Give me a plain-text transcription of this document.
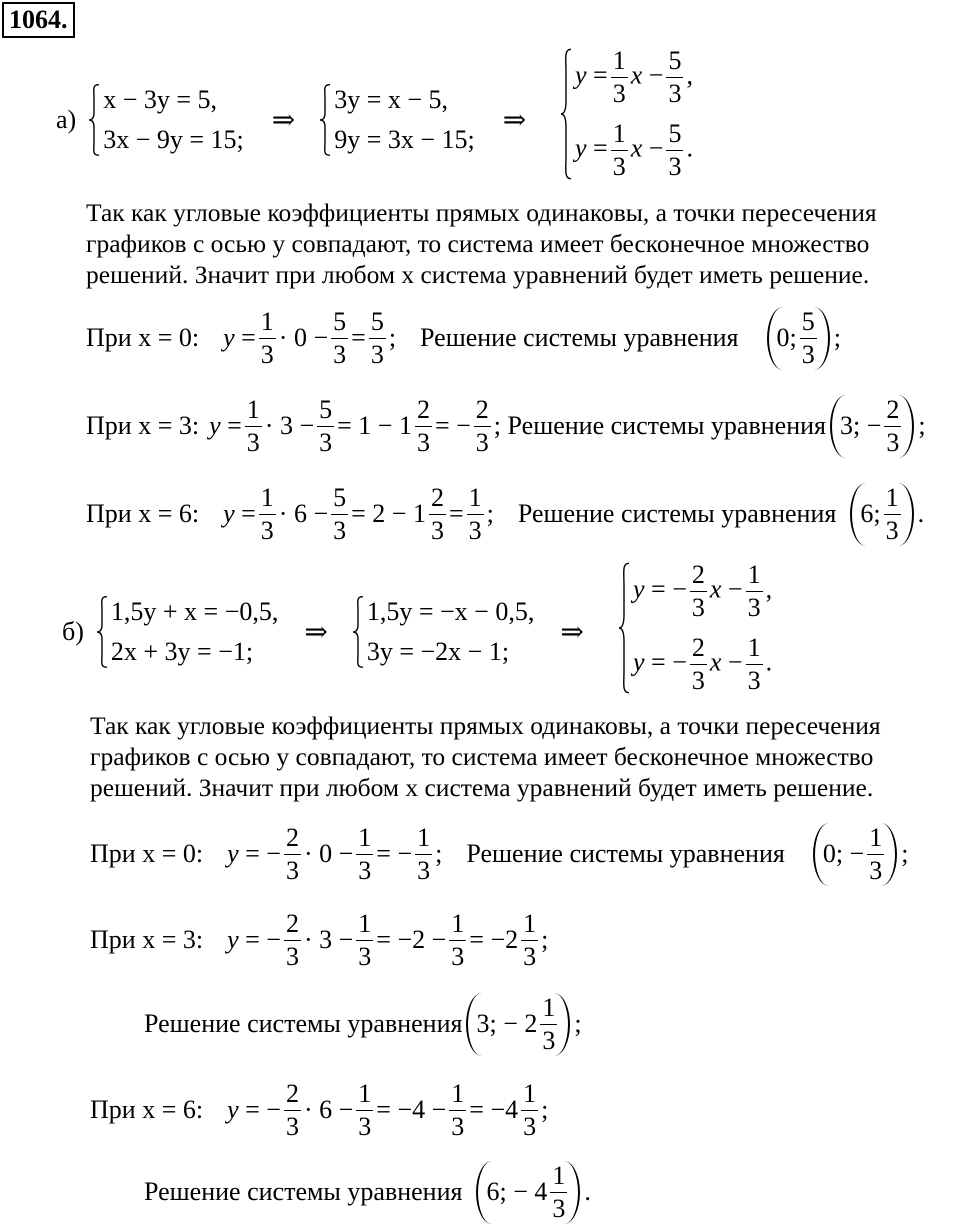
1064.
а)
x − 3y = 5,
3x − 9y = 15;
⇒
3y = x − 5,
9y = 3x − 15;
⇒
$y = \frac{1}{3}$ $x - \frac{5}{3}$ ,
$y = \frac{1}{3}$ $x - \frac{5}{3}$ .
Так как угловые коэффициенты прямых одинаковы, а точки пересечения
графиков с осью y совпадают, то система имеет бесконечное множество
решений. Значит при любом x система уравнений будет иметь решение.
При x = 0: $y = \frac{1}{3} \cdot 0 - \frac{5}{3} = \frac{5}{3}$ ; Решение системы уравнения 0; $\frac{5}{3}$ ;
При x = 3: $y = \frac{1}{3} \cdot 3 - \frac{5}{3} = 1 - 1 \frac{2}{3}$ = − $\frac{2}{3}$ ;
Решение системы уравнения 3; − $\frac{2}{3}$ ;
При x = 6: $y = \frac{1}{3} \cdot 6 - \frac{5}{3} = 2 - 1 \frac{2}{3} = \frac{1}{3}$ ; Решение системы уравнения 6; $\frac{1}{3}$ .
б)
1,5y + x = −0,5,
2x + 3y = −1;
⇒
1,5y = −x − 0,5,
3y = −2x − 1;
⇒
y = − $\frac{2}{3}$ $x - \frac{1}{3}$ ,
y = − $\frac{2}{3}$ $x - \frac{1}{3}$ .
Так как угловые коэффициенты прямых одинаковы, а точки пересечения
графиков с осью y совпадают, то система имеет бесконечное множество
решений. Значит при любом x система уравнений будет иметь решение.
При x = 0: y = − $\frac{2}{3} \cdot 0 - \frac{1}{3}$ = − $\frac{1}{3}$ ; Решение системы уравнения 0; − $\frac{1}{3}$ ;
При x = 3: y = − $\frac{2}{3} \cdot 3 - \frac{1}{3} = -2 - \frac{1}{3} = -2 \frac{1}{3}$ ;
Решение системы уравнения 3; − $2 \frac{1}{3}$ ;
При x = 6: y = − $\frac{2}{3} \cdot 6 - \frac{1}{3} = -4 - \frac{1}{3} = -4 \frac{1}{3}$ ;
Решение системы уравнения 6; − $4 \frac{1}{3}$ .
